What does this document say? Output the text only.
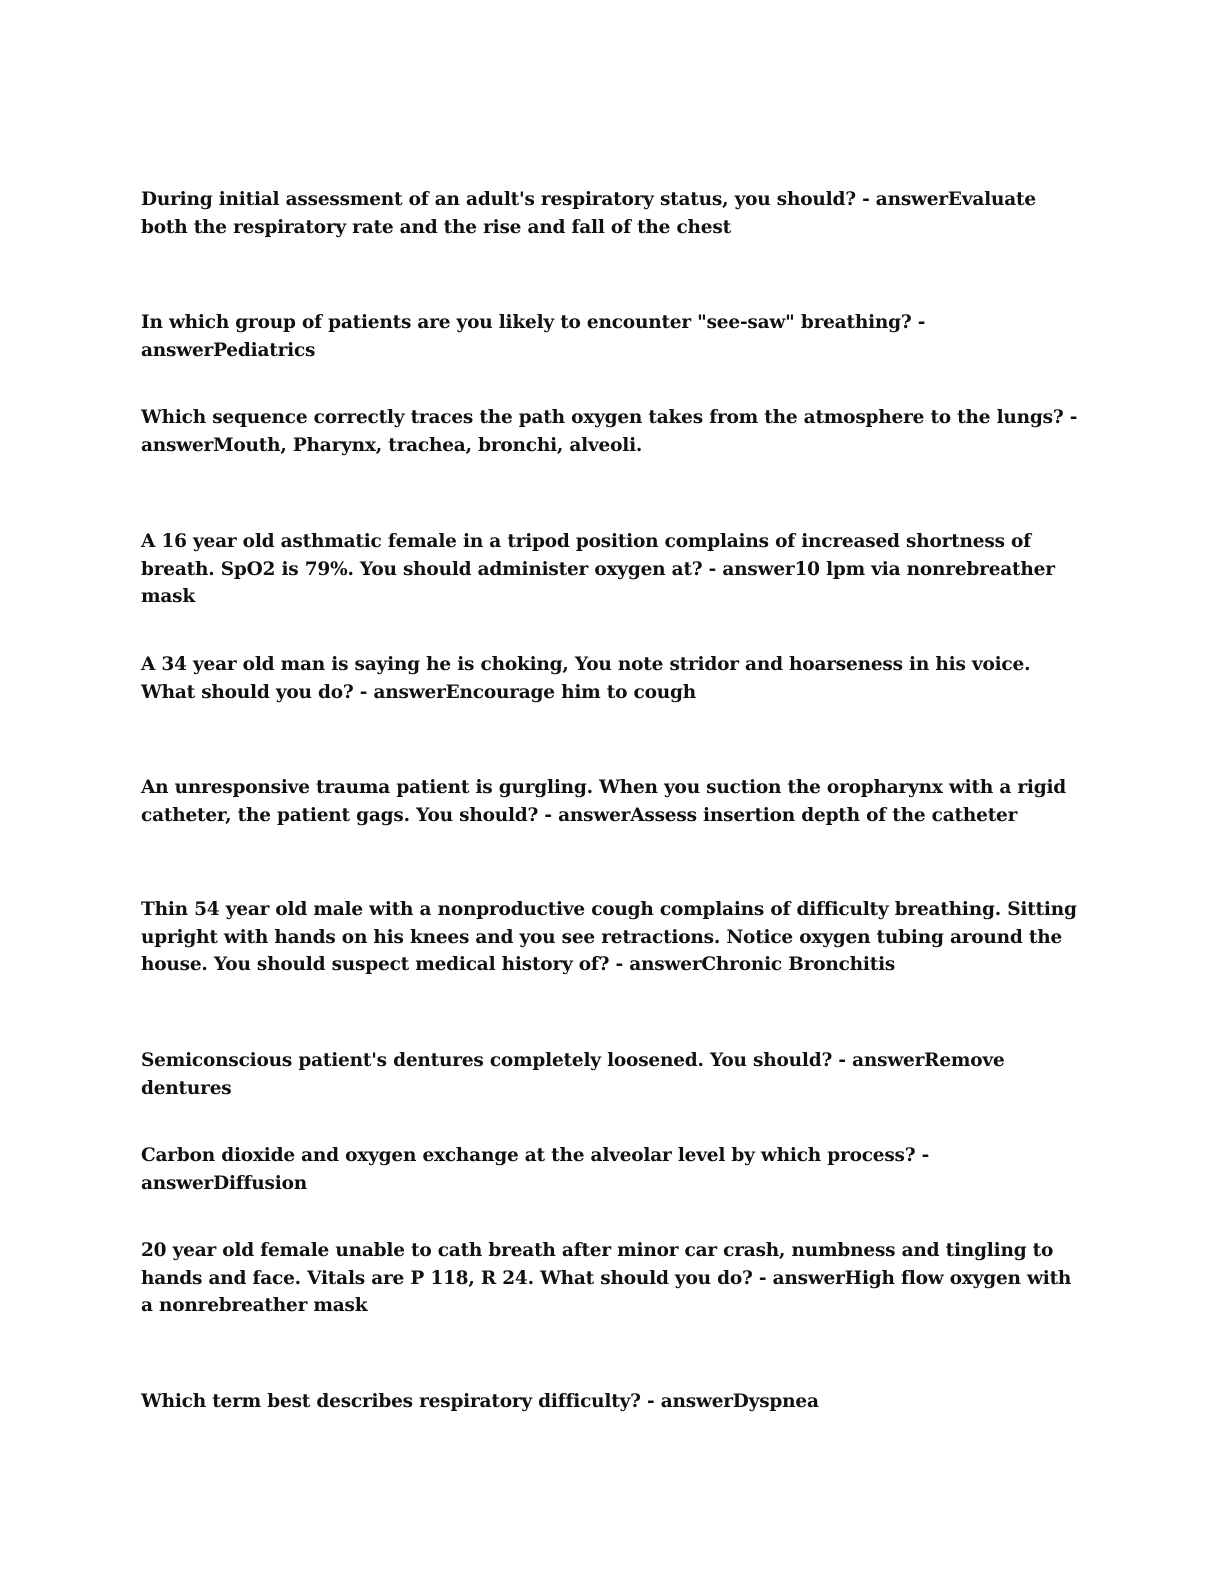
During initial assessment of an adult's respiratory status, you should? - answerEvaluate both the respiratory rate and the rise and fall of the chest

In which group of patients are you likely to encounter "see-saw" breathing? - answerPediatrics

Which sequence correctly traces the path oxygen takes from the atmosphere to the lungs? - answerMouth, Pharynx, trachea, bronchi, alveoli.

A 16 year old asthmatic female in a tripod position complains of increased shortness of breath. SpO2 is 79%. You should administer oxygen at? - answer10 lpm via nonrebreather mask

A 34 year old man is saying he is choking, You note stridor and hoarseness in his voice. What should you do? - answerEncourage him to cough

An unresponsive trauma patient is gurgling. When you suction the oropharynx with a rigid catheter, the patient gags. You should? - answerAssess insertion depth of the catheter

Thin 54 year old male with a nonproductive cough complains of difficulty breathing. Sitting upright with hands on his knees and you see retractions. Notice oxygen tubing around the house. You should suspect medical history of? - answerChronic Bronchitis

Semiconscious patient's dentures completely loosened. You should? - answerRemove dentures

Carbon dioxide and oxygen exchange at the alveolar level by which process? - answerDiffusion

20 year old female unable to cath breath after minor car crash, numbness and tingling to hands and face. Vitals are P 118, R 24. What should you do? - answerHigh flow oxygen with a nonrebreather mask

Which term best describes respiratory difficulty? - answerDyspnea
